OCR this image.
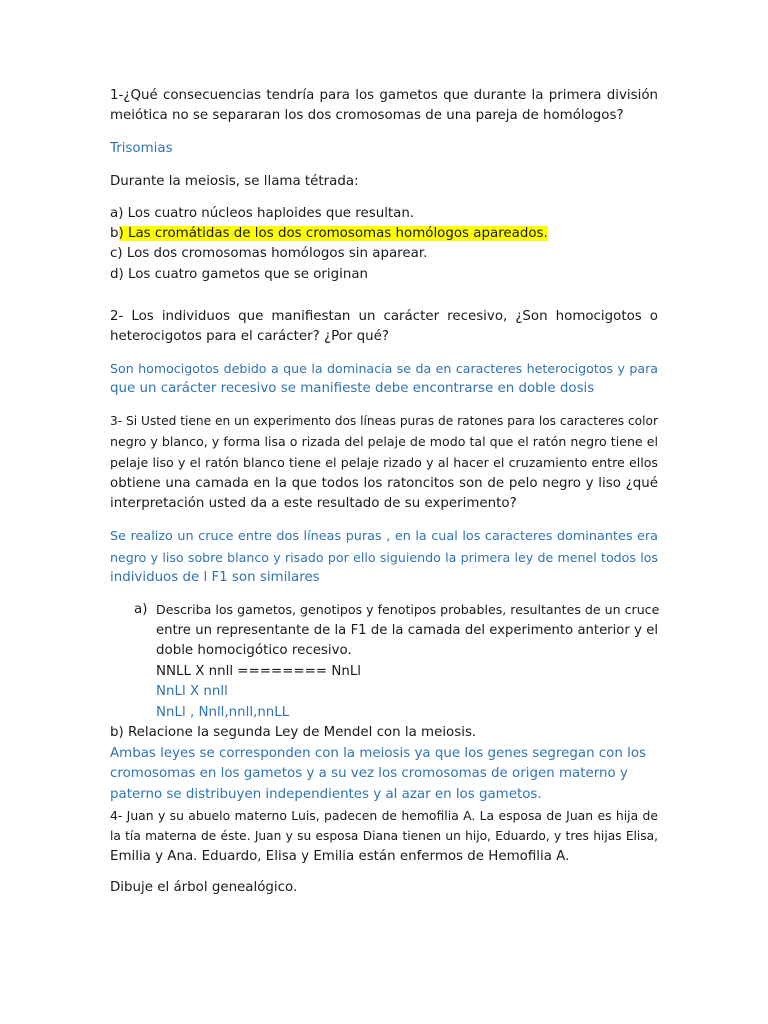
1-¿Qué consecuencias tendría para los gametos que durante la primera división
meiótica no se separaran los dos cromosomas de una pareja de homólogos?
Trisomias
Durante la meiosis, se llama tétrada:
a) Los cuatro núcleos haploides que resultan.
b) Las cromátidas de los dos cromosomas homólogos apareados.
c) Los dos cromosomas homólogos sin aparear.
d) Los cuatro gametos que se originan
2- Los individuos que manifiestan un carácter recesivo, ¿Son homocigotos o
heterocigotos para el carácter? ¿Por qué?
Son homocigotos debido a que la dominacia se da en caracteres heterocigotos y para
que un carácter recesivo se manifieste debe encontrarse en doble dosis
3- Si Usted tiene en un experimento dos líneas puras de ratones para los caracteres color
negro y blanco, y forma lisa o rizada del pelaje de modo tal que el ratón negro tiene el
pelaje liso y el ratón blanco tiene el pelaje rizado y al hacer el cruzamiento entre ellos
obtiene una camada en la que todos los ratoncitos son de pelo negro y liso ¿qué
interpretación usted da a este resultado de su experimento?
Se realizo un cruce entre dos líneas puras , en la cual los caracteres dominantes era
negro y liso sobre blanco y risado por ello siguiendo la primera ley de menel todos los
individuos de l F1 son similares
a) Describa los gametos, genotipos y fenotipos probables, resultantes de un cruce
entre un representante de la F1 de la camada del experimento anterior y el
doble homocigótico recesivo.
NNLL X nnll ======== NnLl
NnLl X nnll
NnLl , Nnll,nnll,nnLL
b) Relacione la segunda Ley de Mendel con la meiosis.
Ambas leyes se corresponden con la meiosis ya que los genes segregan con los
cromosomas en los gametos y a su vez los cromosomas de origen materno y
paterno se distribuyen independientes y al azar en los gametos.
4- Juan y su abuelo materno Luis, padecen de hemofilia A. La esposa de Juan es hija de
la tía materna de éste. Juan y su esposa Diana tienen un hijo, Eduardo, y tres hijas Elisa,
Emilia y Ana. Eduardo, Elisa y Emilia están enfermos de Hemofilia A.
Dibuje el árbol genealógico.
